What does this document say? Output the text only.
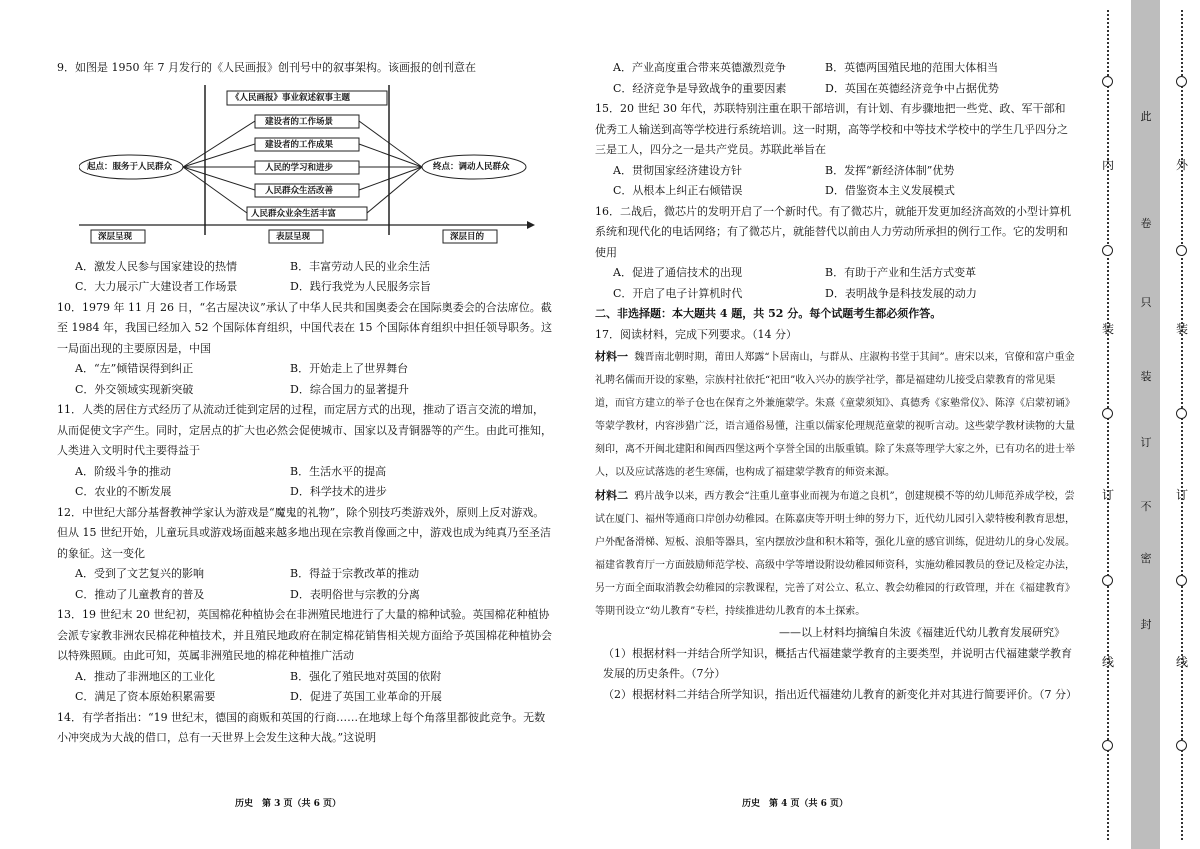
9．如图是 1950 年 7 月发行的《人民画报》创刊号中的叙事架构。该画报的创刊意在
《人民画报》事业叙述叙事主题
建设者的工作场景
建设者的工作成果
人民的学习和进步
人民群众生活改善
人民群众业余生活丰富
起点：服务于人民群众	终点：调动人民群众
深层呈现	表层呈现	深层目的
A．激发人民参与国家建设的热情	B．丰富劳动人民的业余生活
C．大力展示广大建设者工作场景	D．践行我党为人民服务宗旨
10．1979 年 11 月 26 日，“名古屋决议”承认了中华人民共和国奥委会在国际奥委会的合法席位。截至 1984 年，我国已经加入 52 个国际体育组织，中国代表在 15 个国际体育组织中担任领导职务。这一局面出现的主要原因是，中国
A．“左”倾错误得到纠正	B．开始走上了世界舞台
C．外交领域实现新突破	D．综合国力的显著提升
11．人类的居住方式经历了从流动迁徙到定居的过程，而定居方式的出现，推动了语言交流的增加，从而促使文字产生。同时，定居点的扩大也必然会促使城市、国家以及青铜器等的产生。由此可推知，人类进入文明时代主要得益于
A．阶级斗争的推动	B．生活水平的提高
C．农业的不断发展	D．科学技术的进步
12．中世纪大部分基督教神学家认为游戏是“魔鬼的礼物”，除个别技巧类游戏外，原则上反对游戏。但从 15 世纪开始，儿童玩具或游戏场面越来越多地出现在宗教肖像画之中，游戏也成为纯真乃至圣洁的象征。这一变化
A．受到了文艺复兴的影响	B．得益于宗教改革的推动
C．推动了儿童教育的普及	D．表明俗世与宗教的分离
13．19 世纪末 20 世纪初，英国棉花种植协会在非洲殖民地进行了大量的棉种试验。英国棉花种植协会派专家教非洲农民棉花种植技术，并且殖民地政府在制定棉花销售相关规方面给予英国棉花种植协会以特殊照顾。由此可知，英属非洲殖民地的棉花种植推广活动
A．推动了非洲地区的工业化	B．强化了殖民地对英国的依附
C．满足了资本原始积累需要	D．促进了英国工业革命的开展
14．有学者指出：“19 世纪末，德国的商贩和英国的行商……在地球上每个角落里都彼此竞争。无数小冲突成为大战的借口，总有一天世界上会发生这种大战。”这说明
历史　第 3 页（共 6 页）
A．产业高度重合带来英德激烈竞争	B．英德两国殖民地的范围大体相当
C．经济竞争是导致战争的重要因素	D．英国在英德经济竞争中占据优势
15．20 世纪 30 年代，苏联特别注重在职干部培训，有计划、有步骤地把一些党、政、军干部和优秀工人输送到高等学校进行系统培训。这一时期，高等学校和中等技术学校中的学生几乎四分之三是工人，四分之一是共产党员。苏联此举旨在
A．贯彻国家经济建设方针	B．发挥“新经济体制”优势
C．从根本上纠正右倾错误	D．借鉴资本主义发展模式
16．二战后，微芯片的发明开启了一个新时代。有了微芯片，就能开发更加经济高效的小型计算机系统和现代化的电话网络；有了微芯片，就能替代以前由人力劳动所承担的例行工作。它的发明和使用
A．促进了通信技术的出现	B．有助于产业和生活方式变革
C．开启了电子计算机时代	D．表明战争是科技发展的动力
二、非选择题：本大题共 4 题，共 52 分。每个试题考生都必须作答。
17．阅读材料，完成下列要求。（14 分）
材料一 魏晋南北朝时期，莆田人郑露“卜居南山，与群从、庄淑构书堂于其间”。唐宋以来，官僚和富户重金礼聘名儒而开设的家塾，宗族村社依托“祀田”收入兴办的族学社学，都是福建幼儿接受启蒙教育的常见渠道，而官方建立的举子仓也在保育之外兼施蒙学。朱熹《童蒙须知》、真德秀《家塾常仪》、陈淳《启蒙初诵》等蒙学教材，内容涉猎广泛，语言通俗易懂，注重以儒家伦理规范童蒙的视听言动。这些蒙学教材读物的大量刻印，离不开闽北建阳和闽西四堡这两个享誉全国的出版重镇。除了朱熹等理学大家之外，已有功名的进士举人，以及应试落选的老生寒儒，也构成了福建蒙学教育的师资来源。
材料二 鸦片战争以来，西方教会“注重儿童事业而视为布道之良机”，创建规模不等的幼儿师范养成学校，尝试在厦门、福州等通商口岸创办幼稚园。在陈嘉庚等开明士绅的努力下，近代幼儿园引入蒙特梭利教育思想，户外配备滑梯、短板、浪船等器具，室内摆放沙盘和积木箱等，强化儿童的感官训练，促进幼儿的身心发展。福建省教育厅一方面鼓励师范学校、高级中学等增设附设幼稚园师资科，实施幼稚园教员的登记及检定办法，另一方面全面取消教会幼稚园的宗教课程，完善了对公立、私立、教会幼稚园的行政管理，并在《福建教育》等期刊设立“幼儿教育”专栏，持续推进幼儿教育的本土探索。
——以上材料均摘编自朱波《福建近代幼儿教育发展研究》
（1）根据材料一并结合所学知识，概括古代福建蒙学教育的主要类型，并说明古代福建蒙学教育发展的历史条件。（7分）
（2）根据材料二并结合所学知识，指出近代福建幼儿教育的新变化并对其进行简要评价。（7 分）
历史　第 4 页（共 6 页）
内
装
订
线
此
卷
只
装
订
不
密
封
外
装
订
线
